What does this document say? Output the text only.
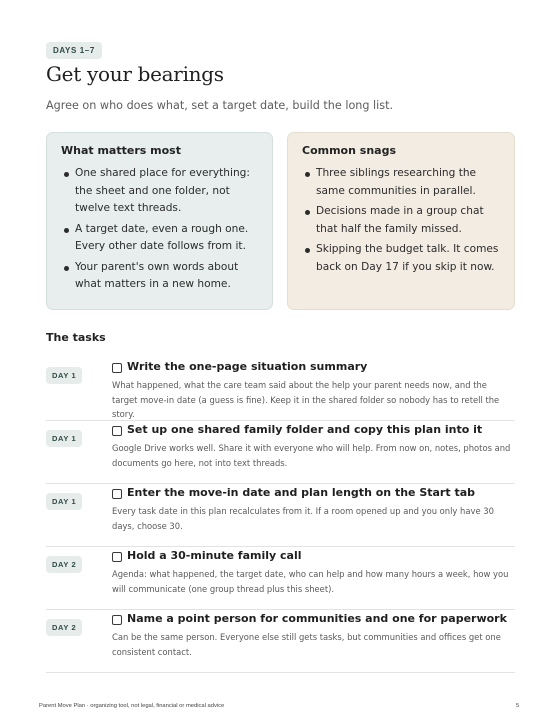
DAYS 1–7
Get your bearings

Agree on who does what, set a target date, build the long list.

What matters most
One shared place for everything: the sheet and one folder, not twelve text threads.
A target date, even a rough one. Every other date follows from it.
Your parent's own words about what matters in a new home.
Common snags
Three siblings researching the same communities in parallel.
Decisions made in a group chat that half the family missed.
Skipping the budget talk. It comes back on Day 17 if you skip it now.
The tasks
DAY 1
Write the one-page situation summary

What happened, what the care team said about the help your parent needs now, and the target move-in date (a guess is fine). Keep it in the shared folder so nobody has to retell the story.

DAY 1
Set up one shared family folder and copy this plan into it

Google Drive works well. Share it with everyone who will help. From now on, notes, photos and documents go here, not into text threads.

DAY 1
Enter the move-in date and plan length on the Start tab

Every task date in this plan recalculates from it. If a room opened up and you only have 30 days, choose 30.

DAY 2
Hold a 30-minute family call

Agenda: what happened, the target date, who can help and how many hours a week, how you will communicate (one group thread plus this sheet).

DAY 2
Name a point person for communities and one for paperwork

Can be the same person. Everyone else still gets tasks, but communities and offices get one consistent contact.

Parent Move Plan · organizing tool, not legal, financial or medical advice	5
